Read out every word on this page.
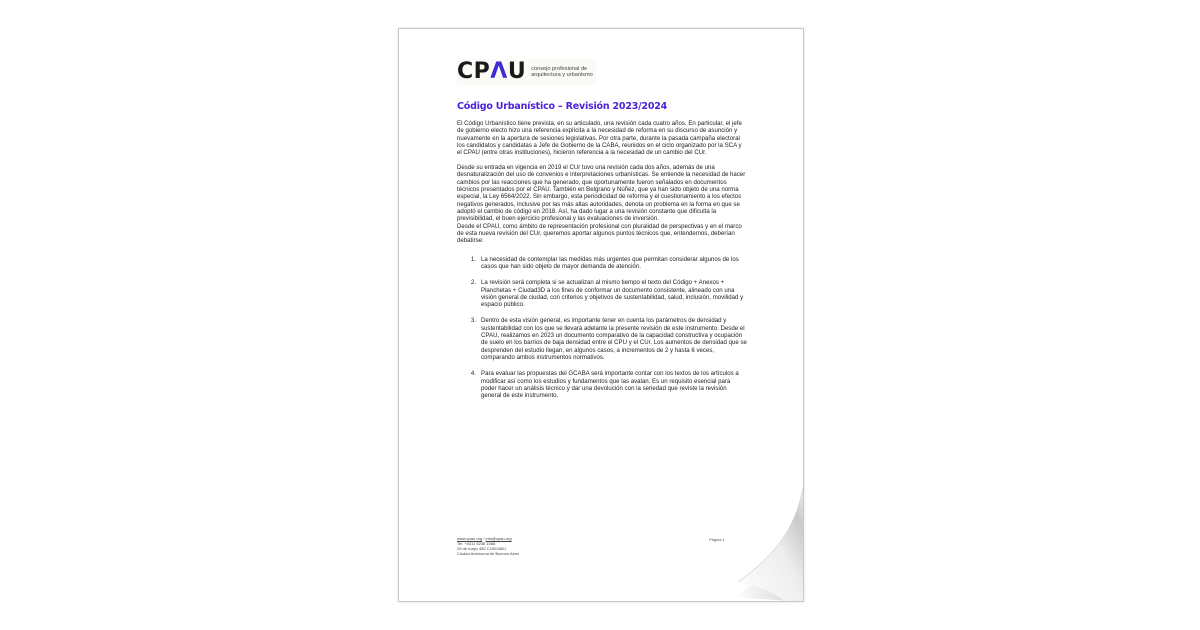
CPΛU consejo profesional de
arquitectura y urbanismo
Código Urbanístico – Revisión 2023/2024

El Código Urbanístico tiene prevista, en su articulado, una revisión cada cuatro años. En particular, el jefe de gobierno electo hizo una referencia explícita a la necesidad de reforma en su discurso de asunción y nuevamente en la apertura de sesiones legislativas. Por otra parte, durante la pasada campaña electoral los candidatos y candidatas a Jefe de Gobierno de la CABA, reunidos en el ciclo organizado por la SCA y el CPAU (entre otras instituciones), hicieron referencia a la necesidad de un cambio del CUr.

Desde su entrada en vigencia en 2019 el CUr tuvo una revisión cada dos años, además de una desnaturalización del uso de convenios e interpretaciones urbanísticas. Se entiende la necesidad de hacer cambios por las reacciones que ha generado, que oportunamente fueron señalados en documentos técnicos presentados por el CPAU. También en Belgrano y Núñez, que ya han sido objeto de una norma especial, la Ley 6564/2022. Sin embargo, esta periodicidad de reforma y el cuestionamiento a los efectos negativos generados, inclusive por las más altas autoridades, denota un problema en la forma en que se adoptó el cambio de código en 2018. Así, ha dado lugar a una revisión constante que dificulta la previsibilidad, el buen ejercicio profesional y las evaluaciones de inversión.

Desde el CPAU, como ámbito de representación profesional con pluralidad de perspectivas y en el marco de esta nueva revisión del CUr, queremos aportar algunos puntos técnicos que, entendemos, deberían debatirse:

1. La necesidad de contemplar las medidas más urgentes que permitan considerar algunos de los casos que han sido objeto de mayor demanda de atención.
2. La revisión será completa si se actualizan al mismo tiempo el texto del Código + Anexos + Planchetas + Ciudad3D a los fines de conformar un documento consistente, alineado con una visión general de ciudad, con criterios y objetivos de sustentabilidad, salud, inclusión, movilidad y espacio público.
3. Dentro de esta visión general, es importante tener en cuenta los parámetros de densidad y sustentabilidad con los que se llevará adelante la presente revisión de este instrumento. Desde el CPAU, realizamos en 2023 un documento comparativo de la capacidad constructiva y ocupación de suelo en los barrios de baja densidad entre el CPU y el CUr. Los aumentos de densidad que se desprenden del estudio llegan, en algunos casos, a incrementos de 2 y hasta 6 veces, comparando ambos instrumentos normativos.
4. Para evaluar las propuestas del GCABA será importante contar con los textos de los artículos a modificar así como los estudios y fundamentos que las avalan. Es un requisito esencial para poder hacer un análisis técnico y dar una devolución con la seriedad que reviste la revisión general de este instrumento.
www.cpau.org / info@cpau.org
Tel. +5411 5238 1068
25 de mayo 482 C1002ABJ
Ciudad Autónoma de Buenos Aires
Página 1
